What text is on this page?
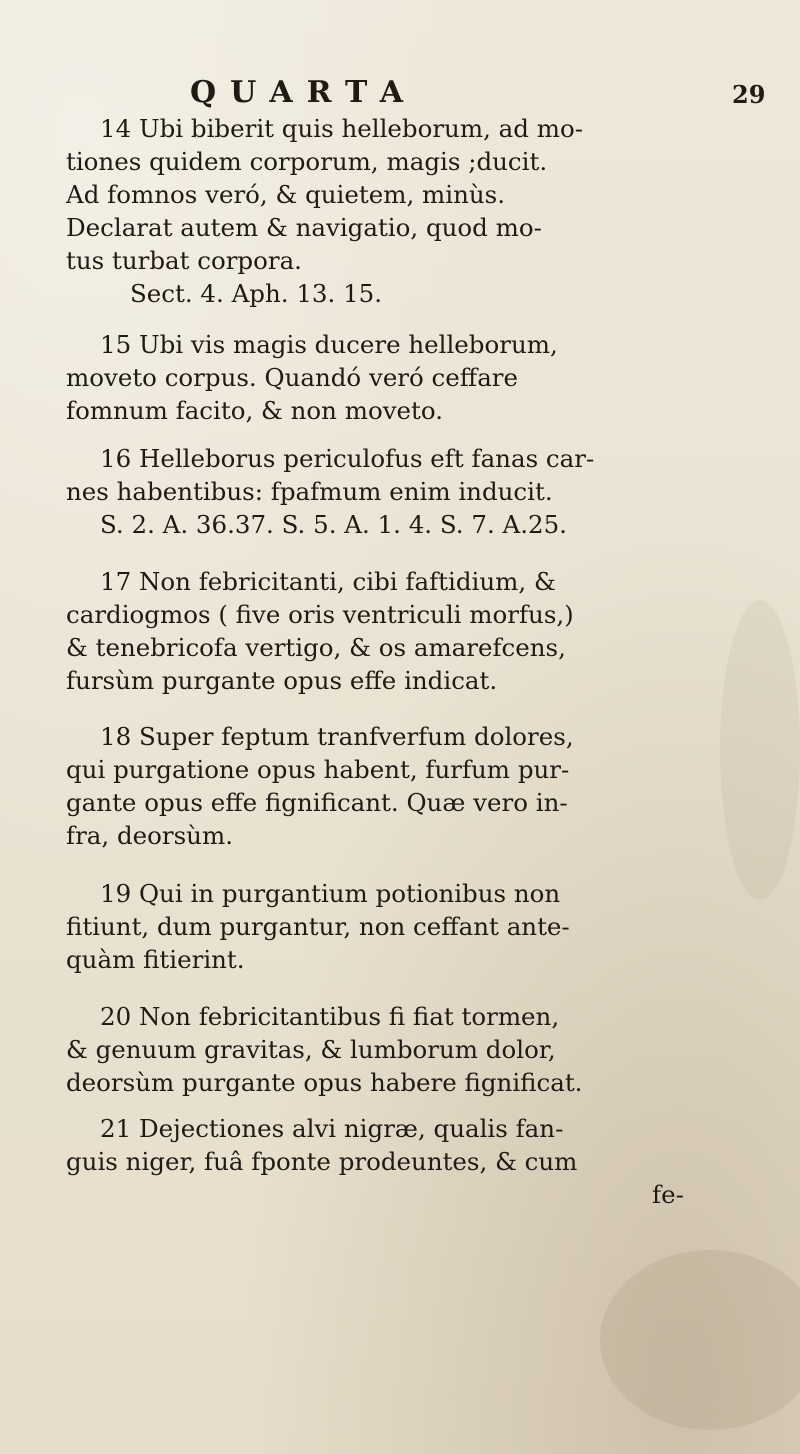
QUARTA	29
14 Ubi biberit quis helleborum, ad mo-
tiones quidem corporum, magis ;ducit.
Ad fomnos veró, & quietem, minùs.
Declarat autem & navigatio, quod mo-
tus turbat corpora.
Sect. 4. Aph. 13. 15.
15 Ubi vis magis ducere helleborum,
moveto corpus. Quandó veró ceffare
fomnum facito, & non moveto.
16 Helleborus periculofus eft fanas car-
nes habentibus: fpafmum enim inducit.
S. 2. A. 36.37. S. 5. A. 1. 4. S. 7. A.25.
17 Non febricitanti, cibi faftidium, &
cardiogmos ( five oris ventriculi morfus,)
& tenebricofa vertigo, & os amarefcens,
fursùm purgante opus effe indicat.
18 Super feptum tranfverfum dolores,
qui purgatione opus habent, furfum pur-
gante opus effe fignificant. Quæ vero in-
fra, deorsùm.
19 Qui in purgantium potionibus non
fitiunt, dum purgantur, non ceffant ante-
quàm fitierint.
20 Non febricitantibus fi fiat tormen,
& genuum gravitas, & lumborum dolor,
deorsùm purgante opus habere fignificat.
21 Dejectiones alvi nigræ, qualis fan-
guis niger, fuâ fponte prodeuntes, & cum
fe-
